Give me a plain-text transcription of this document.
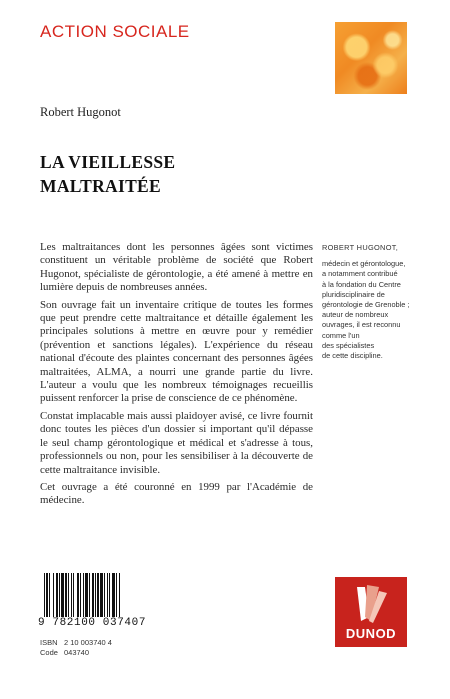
ACTION SOCIALE
Robert Hugonot
LA VIEILLESSE
MALTRAITÉE

Les maltraitances dont les personnes âgées sont victimes constituent un véritable problème de société que Robert Hugonot, spécialiste de gérontologie, a été amené à mettre en lumière depuis de nombreuses années.

Son ouvrage fait un inventaire critique de toutes les formes que peut prendre cette maltraitance et détaille également les principales solutions à mettre en œuvre pour y remédier (prévention et sanctions légales). L'expérience du réseau national d'écoute des plaintes concernant des personnes âgées maltraitées, ALMA, a nourri une grande partie du livre. L'auteur a voulu que les nombreux témoignages recueillis puissent renforcer la prise de conscience de ce phénomène.

Constat implacable mais aussi plaidoyer avisé, ce livre fournit donc toutes les pièces d'un dossier si important qu'il dépasse le seul champ gérontologique et médical et s'adresse à tous, professionnels ou non, pour les sensibiliser à la découverte de cette maltraitance invisible.

Cet ouvrage a été couronné en 1999 par l'Académie de médecine.

ROBERT HUGONOT,
médecin et gérontologue,
a notamment contribué
à la fondation du Centre
pluridisciplinaire de
gérontologie de Grenoble ;
auteur de nombreux
ouvrages, il est reconnu
comme l'un
des spécialistes
de cette discipline.
9 782100 037407
ISBN 2 10 003740 4
Code 043740
DUNOD
